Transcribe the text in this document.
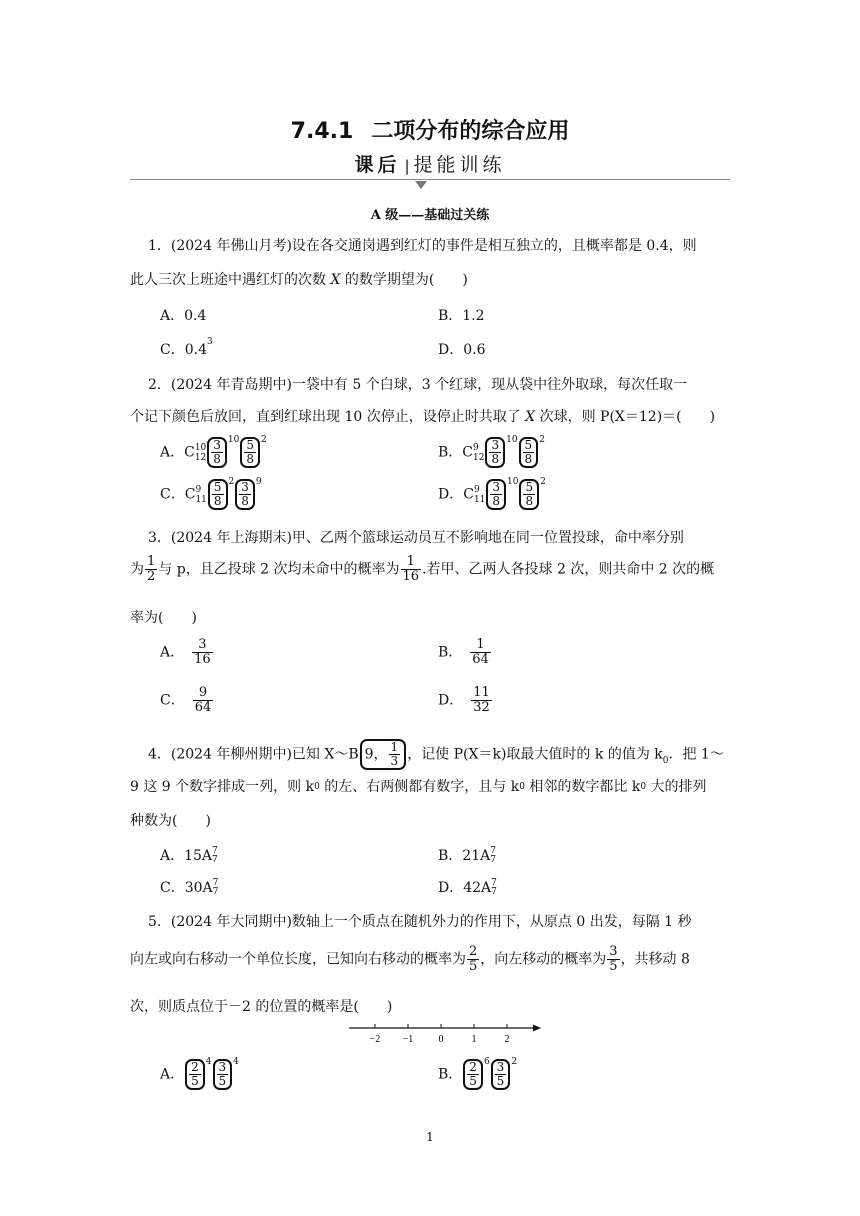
7.4.1 二项分布的综合应用
课后 | 提能训练
A 级——基础过关练
1．(2024 年佛山月考)设在各交通岗遇到红灯的事件是相互独立的，且概率都是 0.4，则
此人三次上班途中遇红灯的次数 X 的数学期望为(　　)
A．0.4	B．1.2
C．$0.4^3$	D．0.6
2．(2024 年青岛期中)一袋中有 5 个白球，3 个红球，现从袋中往外取球，每次任取一
个记下颜色后放回，直到红球出现 10 次停止，设停止时共取了 X 次球，则 P(X＝12)＝(　　)
A．C 10
$12 \frac{3}{8} ^{10} \frac{5}{8} ^2$
B．C 9
$12 \frac{3}{8} ^{10} \frac{5}{8} ^2$
C．C 9
$11 \frac{5}{8} ^2 \frac{3}{8} ^9$
D．C 9
$11 \frac{3}{8} ^{10} \frac{5}{8} ^2$
3．(2024 年上海期末)甲、乙两个篮球运动员互不影响地在同一位置投球，命中率分别
为 $\frac{1}{2}$ 与 p，且乙投球 2 次均未命中的概率为 $\frac{1}{16}$ .若甲、乙两人各投球 2 次，则共命中 2 次的概
率为(　　)
A． $\frac{3}{16}$	B． $\frac{1}{64}$
C． $\frac{9}{64}$	D． $\frac{11}{32}$
4．(2024 年柳州期中)已知 X～B 9， $\frac{1}{3}$ ，记使 P(X＝k)取最大值时的 k 的值为 k0．把 1～
9 这 9 个数字排成一列，则 k0 的左、右两侧都有数字，且与 k0 相邻的数字都比 k0 大的排列
种数为(　　)
A．15A 7
7	B．21A 7
7
C．30A 7
7	D．42A 7
7
5．(2024 年大同期中)数轴上一个质点在随机外力的作用下，从原点 0 出发，每隔 1 秒
向左或向右移动一个单位长度，已知向右移动的概率为 $\frac{2}{5}$ ，向左移动的概率为 $\frac{3}{5}$ ，共移动 8
次，则质点位于－2 的位置的概率是(　　)
−2 −1	0	1	2
A． $\frac{2}{5} ^4 \frac{3}{5} ^4$
B． $\frac{2}{5} ^6 \frac{3}{5} ^2$
1
